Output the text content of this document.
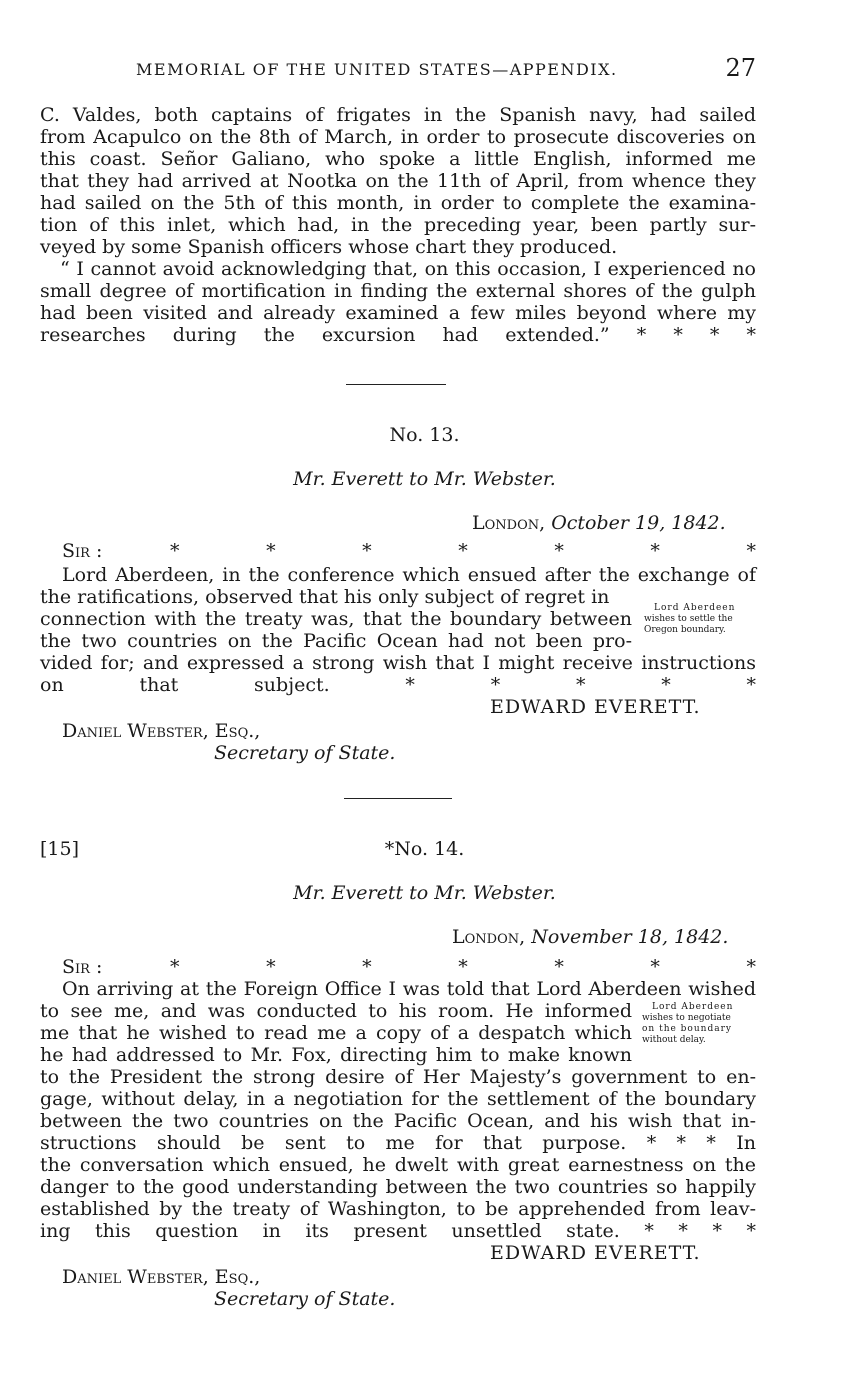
MEMORIAL OF THE UNITED STATES—APPENDIX.	27
C. Valdes, both captains of frigates in the Spanish navy, had sailed
from Acapulco on the 8th of March, in order to prosecute discoveries on
this coast. Señor Galiano, who spoke a little English, informed me
that they had arrived at Nootka on the 11th of April, from whence they
had sailed on the 5th of this month, in order to complete the examina-
tion of this inlet, which had, in the preceding year, been partly sur-
veyed by some Spanish officers whose chart they produced.
“ I cannot avoid acknowledging that, on this occasion, I experienced no
small degree of mortification in finding the external shores of the gulph
had been visited and already examined a few miles beyond where my
researches during the excursion had extended.” * * * *
No. 13.
Mr. Everett to Mr. Webster.
London, October 19, 1842.
Sir :	* * * * * * *
Lord Aberdeen, in the conference which ensued after the exchange of
the ratifications, observed that his only subject of regret in
connection with the treaty was, that the boundary between
the two countries on the Pacific Ocean had not been pro-
vided for; and expressed a strong wish that I might receive instructions
on that subject. * * * * *
Lord Aberdeen
wishes to settle the
Oregon boundary.
EDWARD EVERETT.
Daniel Webster, Esq.,
Secretary of State.
[15]	*No. 14.
Mr. Everett to Mr. Webster.
London, November 18, 1842.
Sir :	* * * * * * *
On arriving at the Foreign Office I was told that Lord Aberdeen wished
to see me, and was conducted to his room. He informed
me that he wished to read me a copy of a despatch which
he had addressed to Mr. Fox, directing him to make known
to the President the strong desire of Her Majesty’s government to en-
gage, without delay, in a negotiation for the settlement of the boundary
between the two countries on the Pacific Ocean, and his wish that in-
structions should be sent to me for that purpose. * * * In
the conversation which ensued, he dwelt with great earnestness on the
danger to the good understanding between the two countries so happily
established by the treaty of Washington, to be apprehended from leav-
ing this question in its present unsettled state. * * * *
Lord Aberdeen
wishes to negotiate
on the boundary
without delay.
EDWARD EVERETT.
Daniel Webster, Esq.,
Secretary of State.
